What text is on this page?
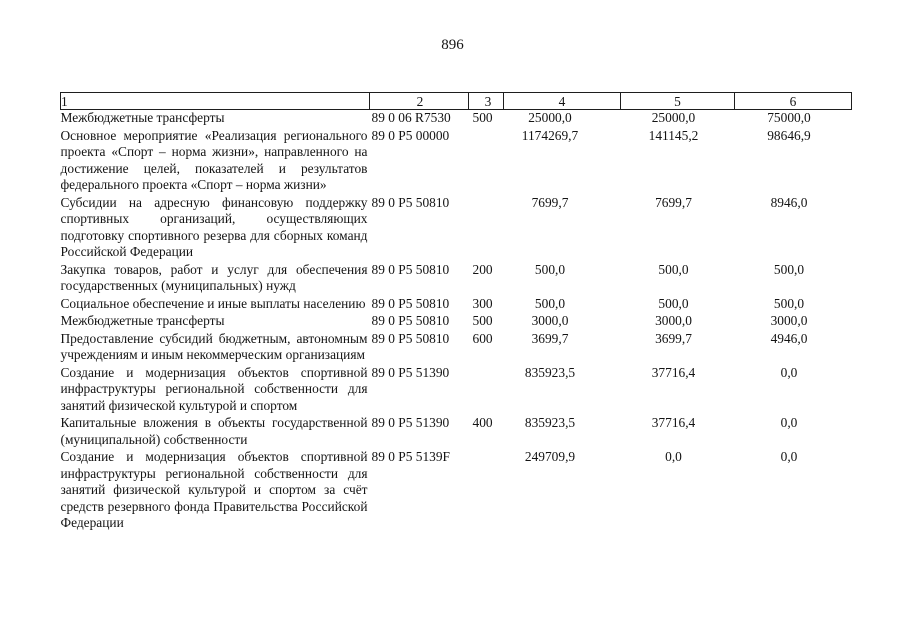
896
1	2	3	4	5	6
Межбюджетные трансферты	89 0 06 R7530	500	25000,0	25000,0	75000,0
Основное мероприятие «Реализация регионального проекта «Спорт – норма жизни», направленного на достижение целей, показателей и результатов федерального проекта «Спорт – норма жизни»	89 0 P5 00000		1174269,7	141145,2	98646,9
Субсидии на адресную финансовую поддержку спортивных организаций, осуществляющих подготовку спортивного резерва для сборных команд Российской Федерации	89 0 P5 50810		7699,7	7699,7	8946,0
Закупка товаров, работ и услуг для обеспечения государственных (муниципальных) нужд	89 0 P5 50810	200	500,0	500,0	500,0
Социальное обеспечение и иные выплаты населению	89 0 P5 50810	300	500,0	500,0	500,0
Межбюджетные трансферты	89 0 P5 50810	500	3000,0	3000,0	3000,0
Предоставление субсидий бюджетным, автономным учреждениям и иным некоммерческим организациям	89 0 P5 50810	600	3699,7	3699,7	4946,0
Создание и модернизация объектов спортивной инфраструктуры региональной собственности для занятий физической культурой и спортом	89 0 P5 51390		835923,5	37716,4	0,0
Капитальные вложения в объекты государственной (муниципальной) собственности	89 0 P5 51390	400	835923,5	37716,4	0,0
Создание и модернизация объектов спортивной инфраструктуры региональной собственности для занятий физической культурой и спортом за счёт средств резервного фонда Правительства Российской Федерации	89 0 P5 5139F		249709,9	0,0	0,0
